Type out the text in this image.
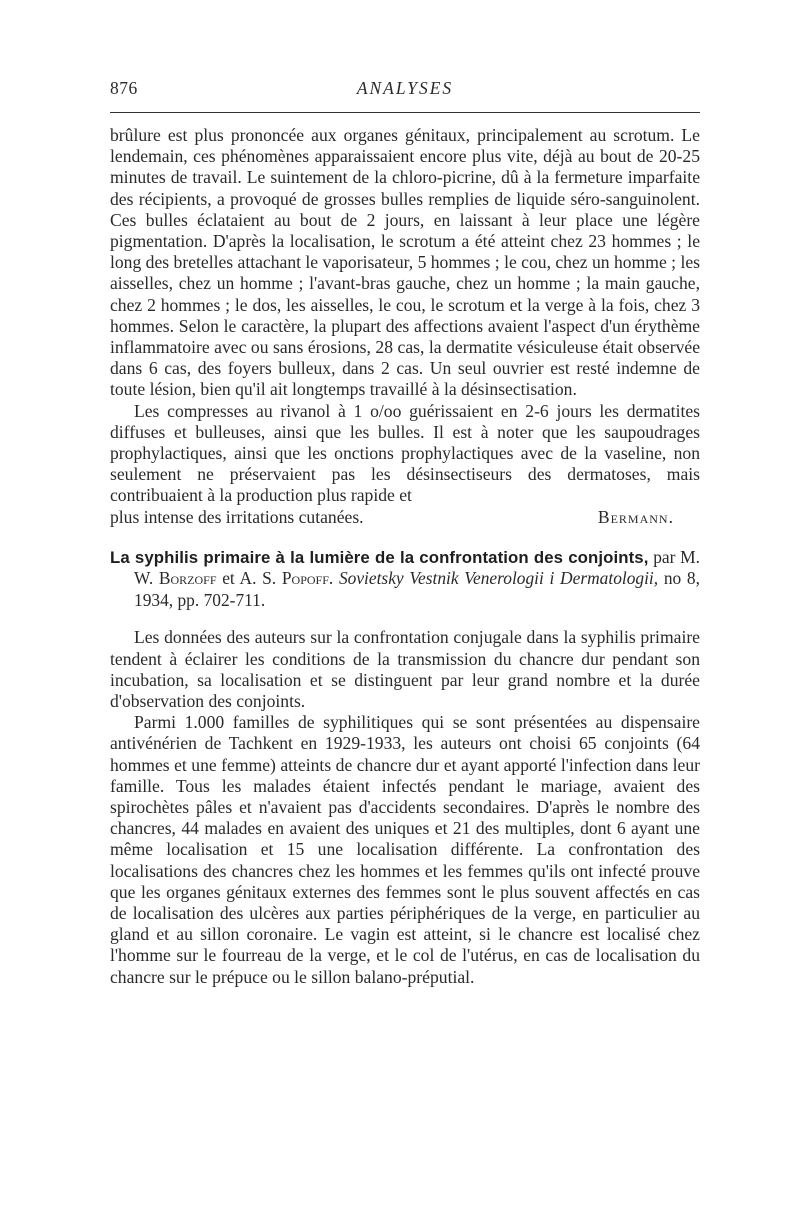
876	ANALYSES

brûlure est plus prononcée aux organes génitaux, principalement au scrotum. Le lendemain, ces phénomènes apparaissaient encore plus vite, déjà au bout de 20-25 minutes de travail. Le suintement de la chloro-picrine, dû à la fermeture imparfaite des récipients, a provoqué de grosses bulles remplies de liquide séro-sanguinolent. Ces bulles éclataient au bout de 2 jours, en laissant à leur place une légère pigmentation. D'après la localisation, le scrotum a été atteint chez 23 hommes ; le long des bretelles attachant le vaporisateur, 5 hommes ; le cou, chez un homme ; les aisselles, chez un homme ; l'avant-bras gauche, chez un homme ; la main gauche, chez 2 hommes ; le dos, les aisselles, le cou, le scrotum et la verge à la fois, chez 3 hommes. Selon le caractère, la plupart des affections avaient l'aspect d'un érythème inflammatoire avec ou sans érosions, 28 cas, la dermatite vésiculeuse était observée dans 6 cas, des foyers bulleux, dans 2 cas. Un seul ouvrier est resté indemne de toute lésion, bien qu'il ait longtemps travaillé à la désinsectisation.

Les compresses au rivanol à 1 o/oo guérissaient en 2-6 jours les dermatites diffuses et bulleuses, ainsi que les bulles. Il est à noter que les saupoudrages prophylactiques, ainsi que les onctions prophylactiques avec de la vaseline, non seulement ne préservaient pas les désinsectiseurs des dermatoses, mais contribuaient à la production plus rapide et

plus intense des irritations cutanées.	Bermann.
La syphilis primaire à la lumière de la confrontation des conjoints, par M. W. Borzoff et A. S. Popoff. Sovietsky Vestnik Venerologii i Dermatologii, no 8, 1934, pp. 702-711.

Les données des auteurs sur la confrontation conjugale dans la syphilis primaire tendent à éclairer les conditions de la transmission du chancre dur pendant son incubation, sa localisation et se distinguent par leur grand nombre et la durée d'observation des conjoints.

Parmi 1.000 familles de syphilitiques qui se sont présentées au dispensaire antivénérien de Tachkent en 1929-1933, les auteurs ont choisi 65 conjoints (64 hommes et une femme) atteints de chancre dur et ayant apporté l'infection dans leur famille. Tous les malades étaient infectés pendant le mariage, avaient des spirochètes pâles et n'avaient pas d'accidents secondaires. D'après le nombre des chancres, 44 malades en avaient des uniques et 21 des multiples, dont 6 ayant une même localisation et 15 une localisation différente. La confrontation des localisations des chancres chez les hommes et les femmes qu'ils ont infecté prouve que les organes génitaux externes des femmes sont le plus souvent affectés en cas de localisation des ulcères aux parties périphériques de la verge, en particulier au gland et au sillon coronaire. Le vagin est atteint, si le chancre est localisé chez l'homme sur le fourreau de la verge, et le col de l'utérus, en cas de localisation du chancre sur le prépuce ou le sillon balano-préputial.
